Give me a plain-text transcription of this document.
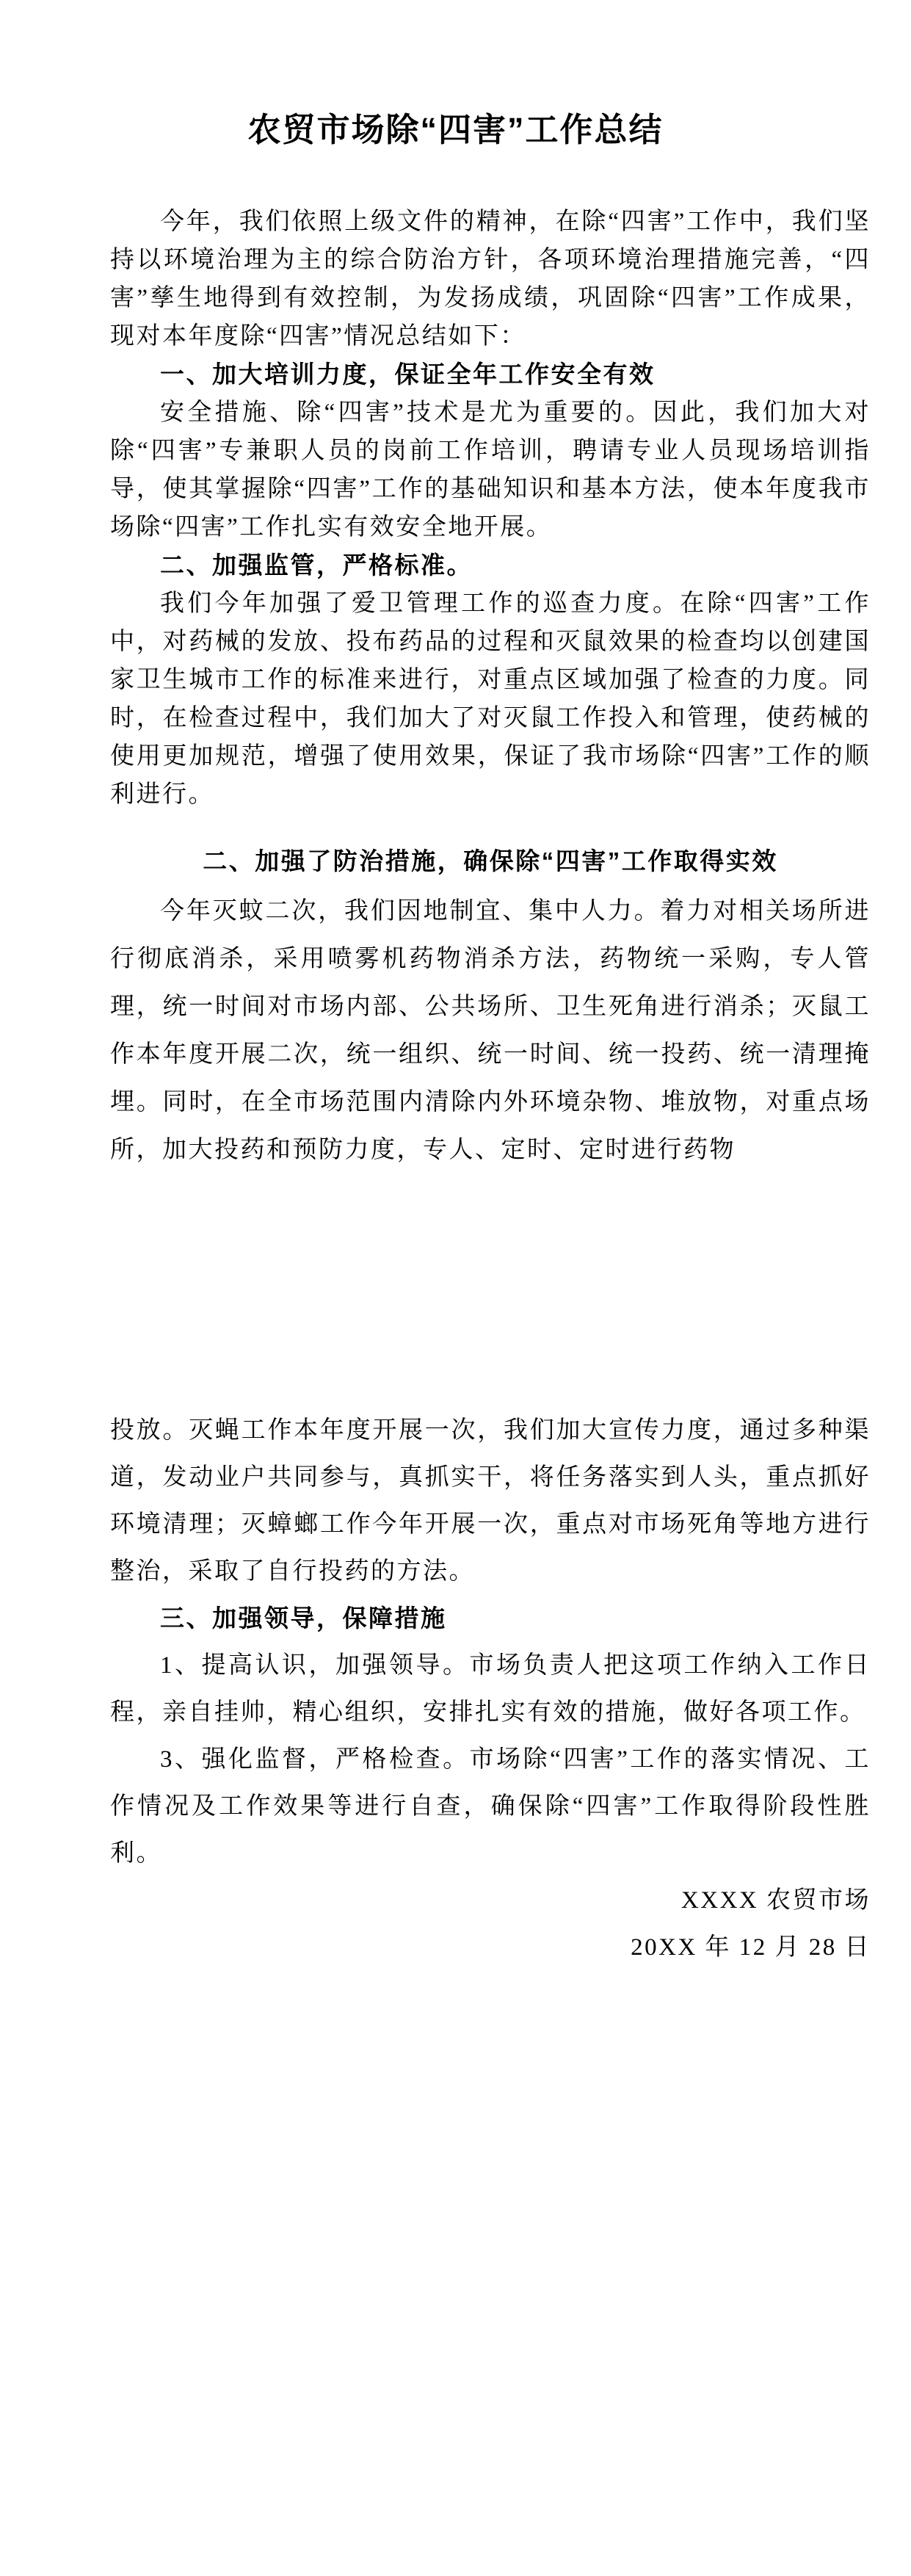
农贸市场除“四害”工作总结

今年，我们依照上级文件的精神，在除“四害”工作中，我们坚持以环境治理为主的综合防治方针，各项环境治理措施完善，“四害”孳生地得到有效控制，为发扬成绩，巩固除“四害”工作成果，现对本年度除“四害”情况总结如下：

一、加大培训力度，保证全年工作安全有效

安全措施、除“四害”技术是尤为重要的。因此，我们加大对除“四害”专兼职人员的岗前工作培训，聘请专业人员现场培训指导，使其掌握除“四害”工作的基础知识和基本方法，使本年度我市场除“四害”工作扎实有效安全地开展。

二、加强监管，严格标准。

我们今年加强了爱卫管理工作的巡查力度。在除“四害”工作中，对药械的发放、投布药品的过程和灭鼠效果的检查均以创建国家卫生城市工作的标准来进行，对重点区域加强了检查的力度。同时，在检查过程中，我们加大了对灭鼠工作投入和管理，使药械的使用更加规范，增强了使用效果，保证了我市场除“四害”工作的顺利进行。

二、加强了防治措施，确保除“四害”工作取得实效

今年灭蚊二次，我们因地制宜、集中人力。着力对相关场所进行彻底消杀，采用喷雾机药物消杀方法，药物统一采购，专人管理，统一时间对市场内部、公共场所、卫生死角进行消杀；灭鼠工作本年度开展二次，统一组织、统一时间、统一投药、统一清理掩埋。同时，在全市场范围内清除内外环境杂物、堆放物，对重点场所，加大投药和预防力度，专人、定时、定时进行药物

投放。灭蝇工作本年度开展一次，我们加大宣传力度，通过多种渠道，发动业户共同参与，真抓实干，将任务落实到人头，重点抓好环境清理；灭蟑螂工作今年开展一次，重点对市场死角等地方进行整治，采取了自行投药的方法。

三、加强领导，保障措施

1、提高认识，加强领导。市场负责人把这项工作纳入工作日程，亲自挂帅，精心组织，安排扎实有效的措施，做好各项工作。

3、强化监督，严格检查。市场除“四害”工作的落实情况、工作情况及工作效果等进行自查，确保除“四害”工作取得阶段性胜利。

XXXX 农贸市场

20XX 年 12 月 28 日
